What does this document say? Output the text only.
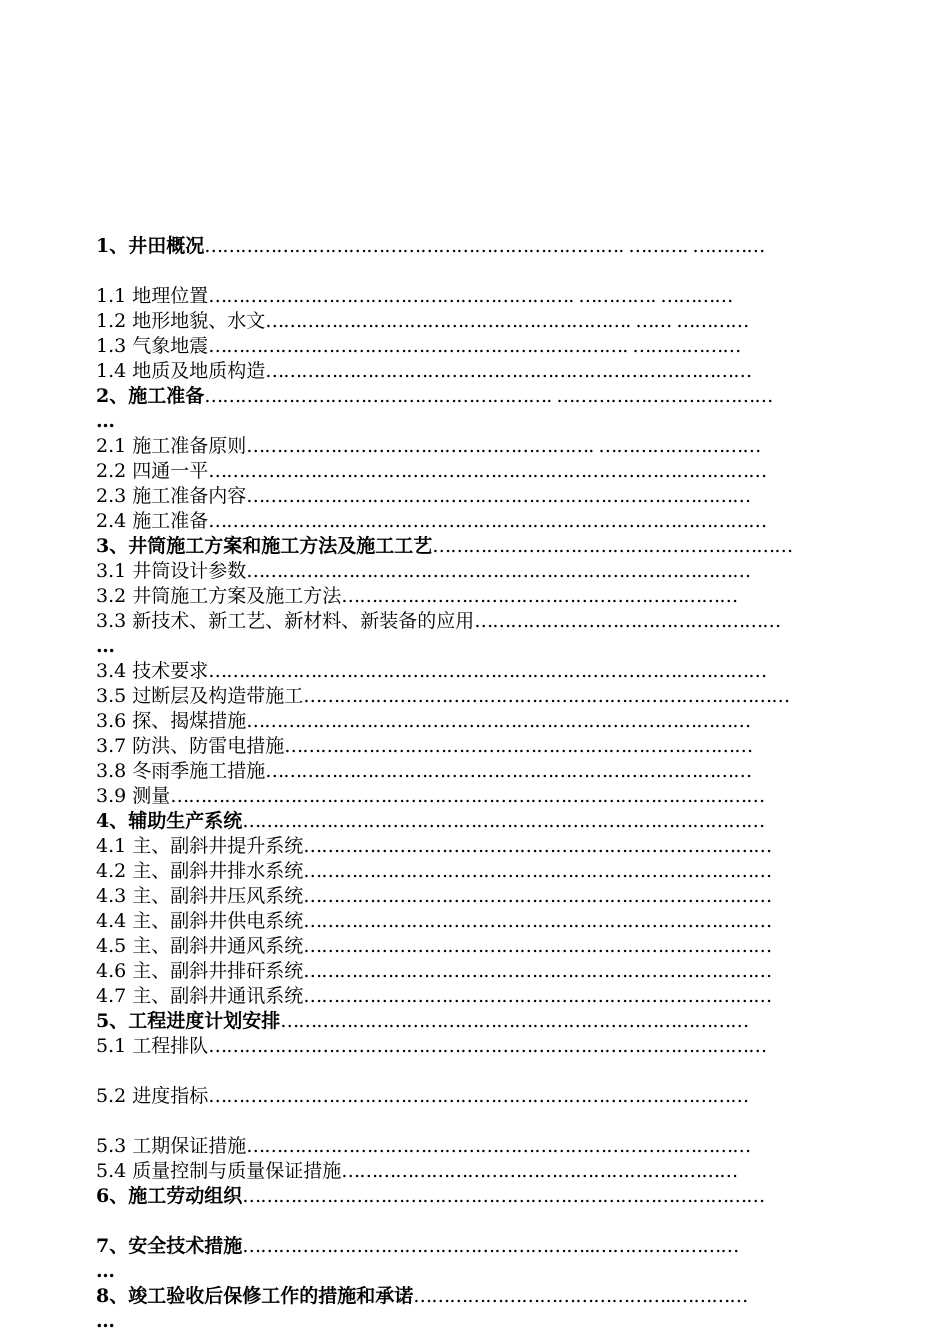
1、井田概况……………………………………………………………. ………. …………
1.1 地理位置……………………………………………………. …………. …………
1.2 地形地貌、水文……………………………………………………. …… …………
1.3 气象地震……………………………………………………………. ………………
1.4 地质及地质构造………………………………………………………………………
2、施工准备…………………………………………………. ………………………………
…
2.1 施工准备原则…………………………………………………. ………………………
2.2 四通一平…………………………………………………………………………………
2.3 施工准备内容…………………………………………………………………………
2.4 施工准备…………………………………………………………………………………
3、井筒施工方案和施工方法及施工工艺……………………………………………………
3.1 井筒设计参数…………………………………………………………………………
3.2 井筒施工方案及施工方法…………………………………………………………
3.3 新技术、新工艺、新材料、新装备的应用……………………………………………
…
3.4 技术要求…………………………………………………………………………………
3.5 过断层及构造带施工………………………………………………………………………
3.6 探、揭煤措施…………………………………………………………………………
3.7 防洪、防雷电措施……………………………………………………………………
3.8 冬雨季施工措施………………………………………………………………………
3.9 测量………………………………………………………………………………………
4、辅助生产系统……………………………………………………………………………
4.1 主、副斜井提升系统……………………………………………………………………
4.2 主、副斜井排水系统……………………………………………………………………
4.3 主、副斜井压风系统……………………………………………………………………
4.4 主、副斜井供电系统……………………………………………………………………
4.5 主、副斜井通风系统……………………………………………………………………
4.6 主、副斜井排矸系统……………………………………………………………………
4.7 主、副斜井通讯系统……………………………………………………………………
5、工程进度计划安排……………………………………………………………………
5.1 工程排队…………………………………………………………………………………
5.2 进度指标………………………………………………………………………………
5.3 工期保证措施…………………………………………………………………………
5.4 质量控制与质量保证措施…………………………………………………………
6、施工劳动组织……………………………………………………………………………
7、安全技术措施…………………………………………………..……………………
…
8、竣工验收后保修工作的措施和承诺……………………………………..…………
…
